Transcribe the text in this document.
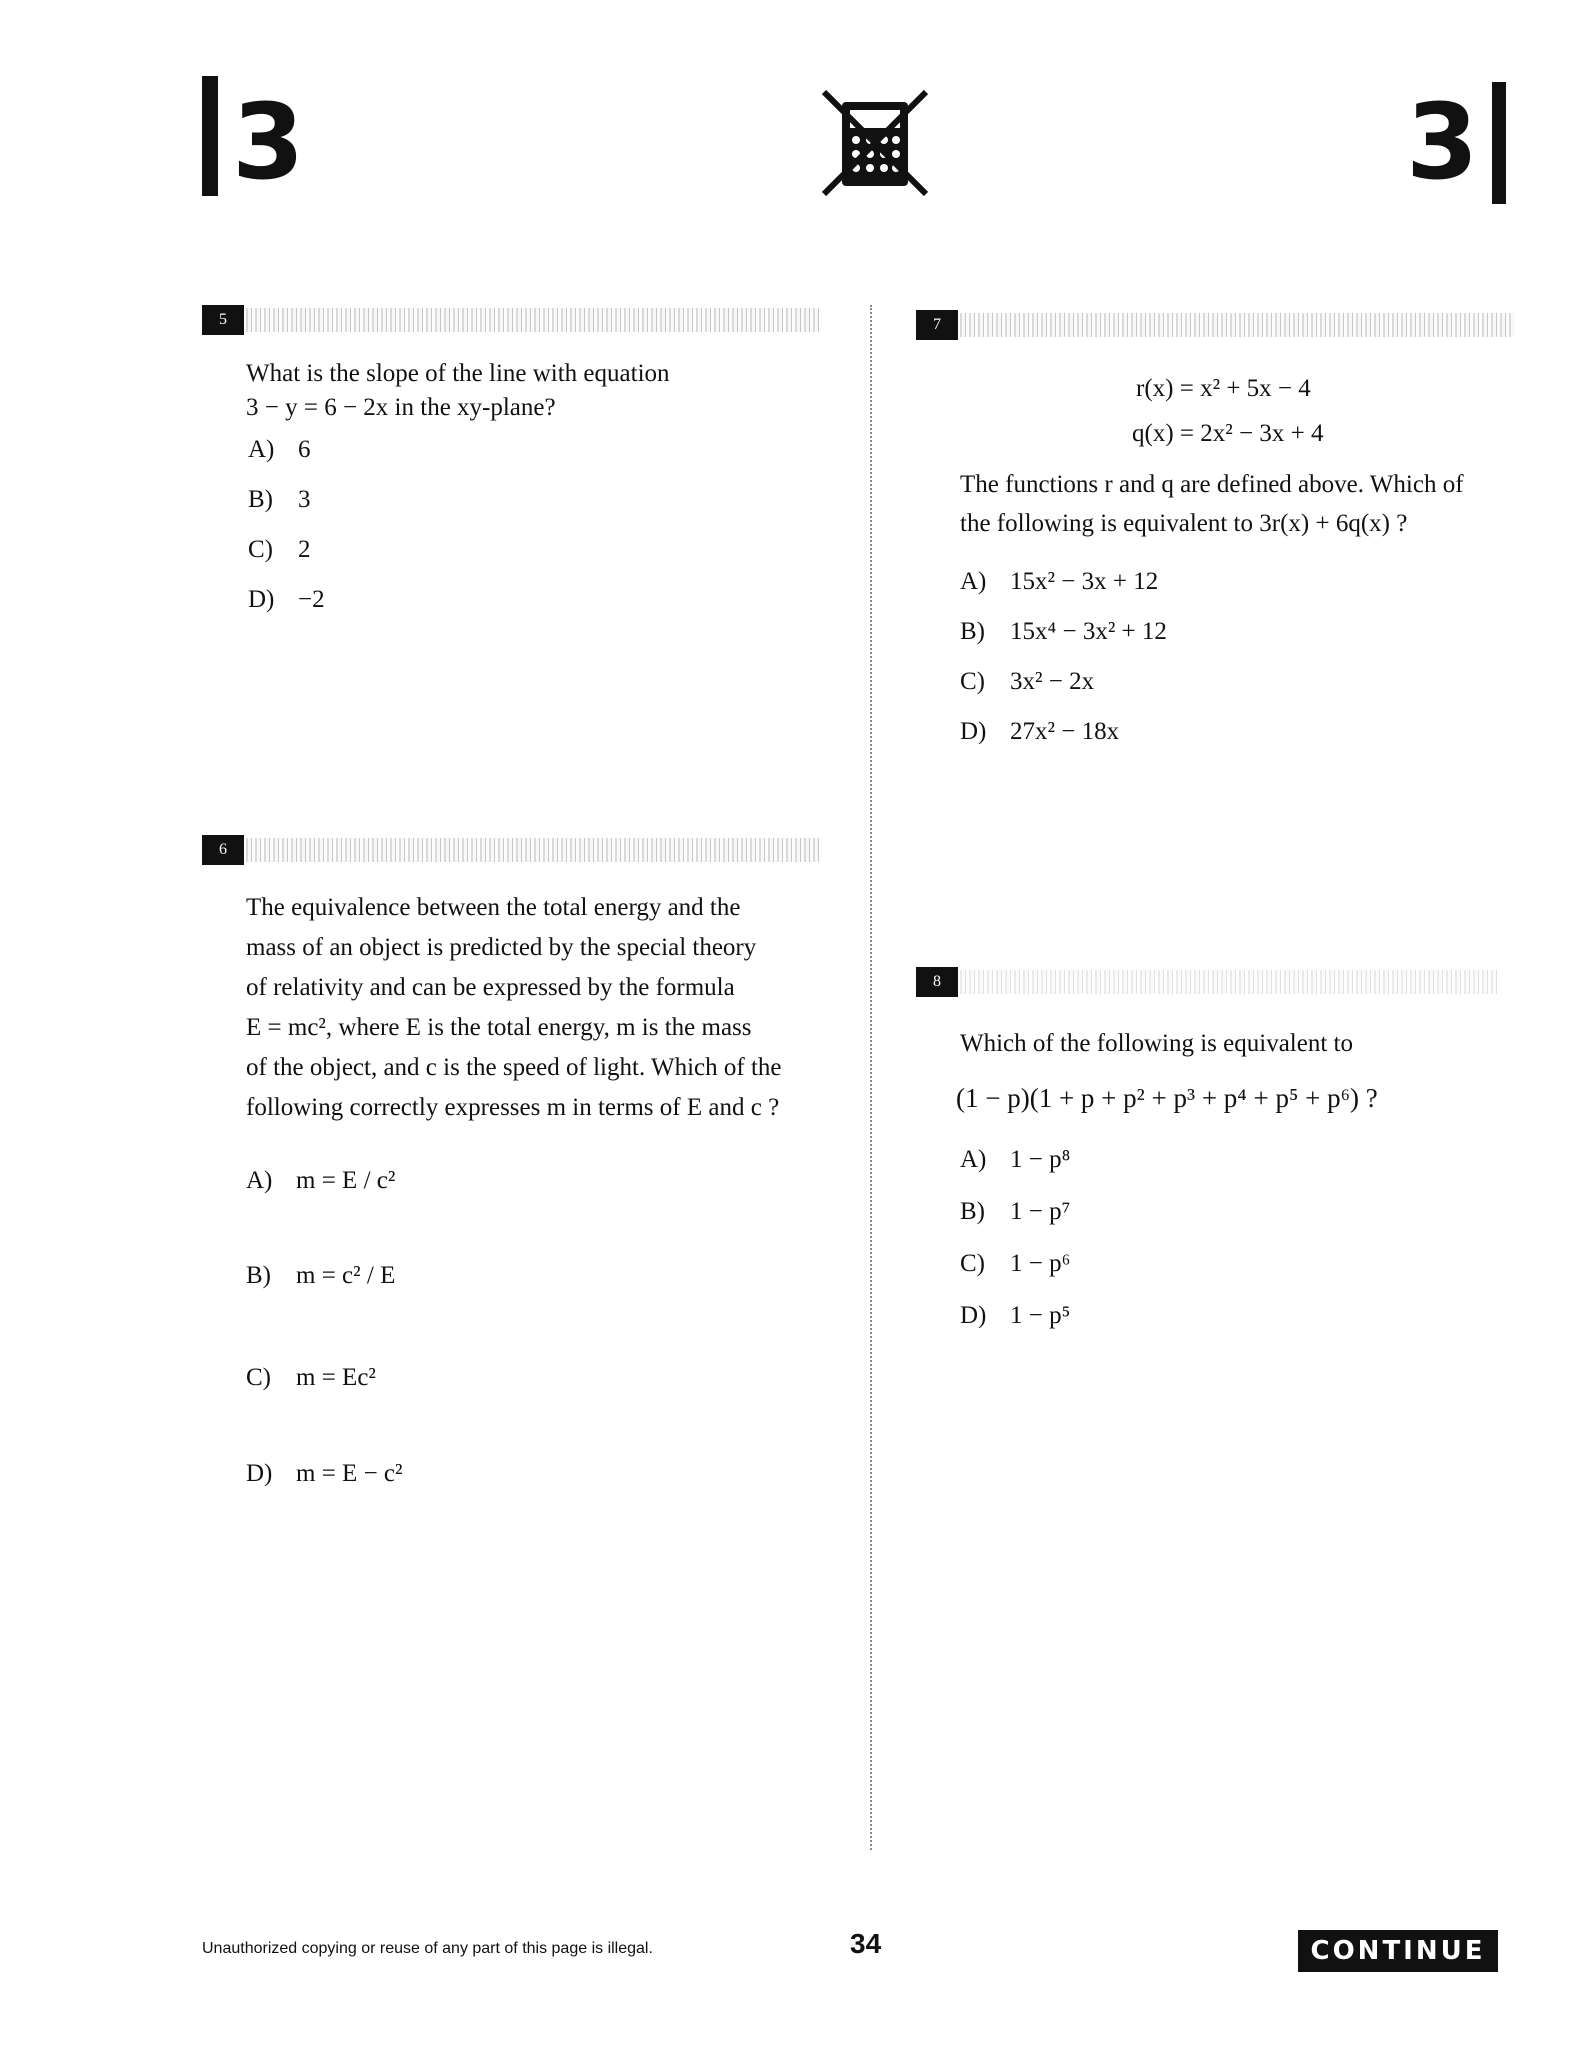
3	3
5
What is the slope of the line with equation
3 − y = 6 − 2x in the xy-plane?
A) 6
B) 3
C) 2
D) −2
6
The equivalence between the total energy and the
mass of an object is predicted by the special theory
of relativity and can be expressed by the formula
E = mc², where E is the total energy, m is the mass
of the object, and c is the speed of light. Which of the
following correctly expresses m in terms of E and c ?
A) m = E / c²
B) m = c² / E
C) m = Ec²
D) m = E − c²
7
r(x) = x² + 5x − 4
q(x) = 2x² − 3x + 4
The functions r and q are defined above. Which of
the following is equivalent to 3r(x) + 6q(x) ?
A) 15x² − 3x + 12
B) 15x⁴ − 3x² + 12
C) 3x² − 2x
D) 27x² − 18x
8
Which of the following is equivalent to
(1 − p)(1 + p + p² + p³ + p⁴ + p⁵ + p⁶) ?
A) 1 − p⁸
B) 1 − p⁷
C) 1 − p⁶
D) 1 − p⁵
Unauthorized copying or reuse of any part of this page is illegal.	34	CONTINUE
